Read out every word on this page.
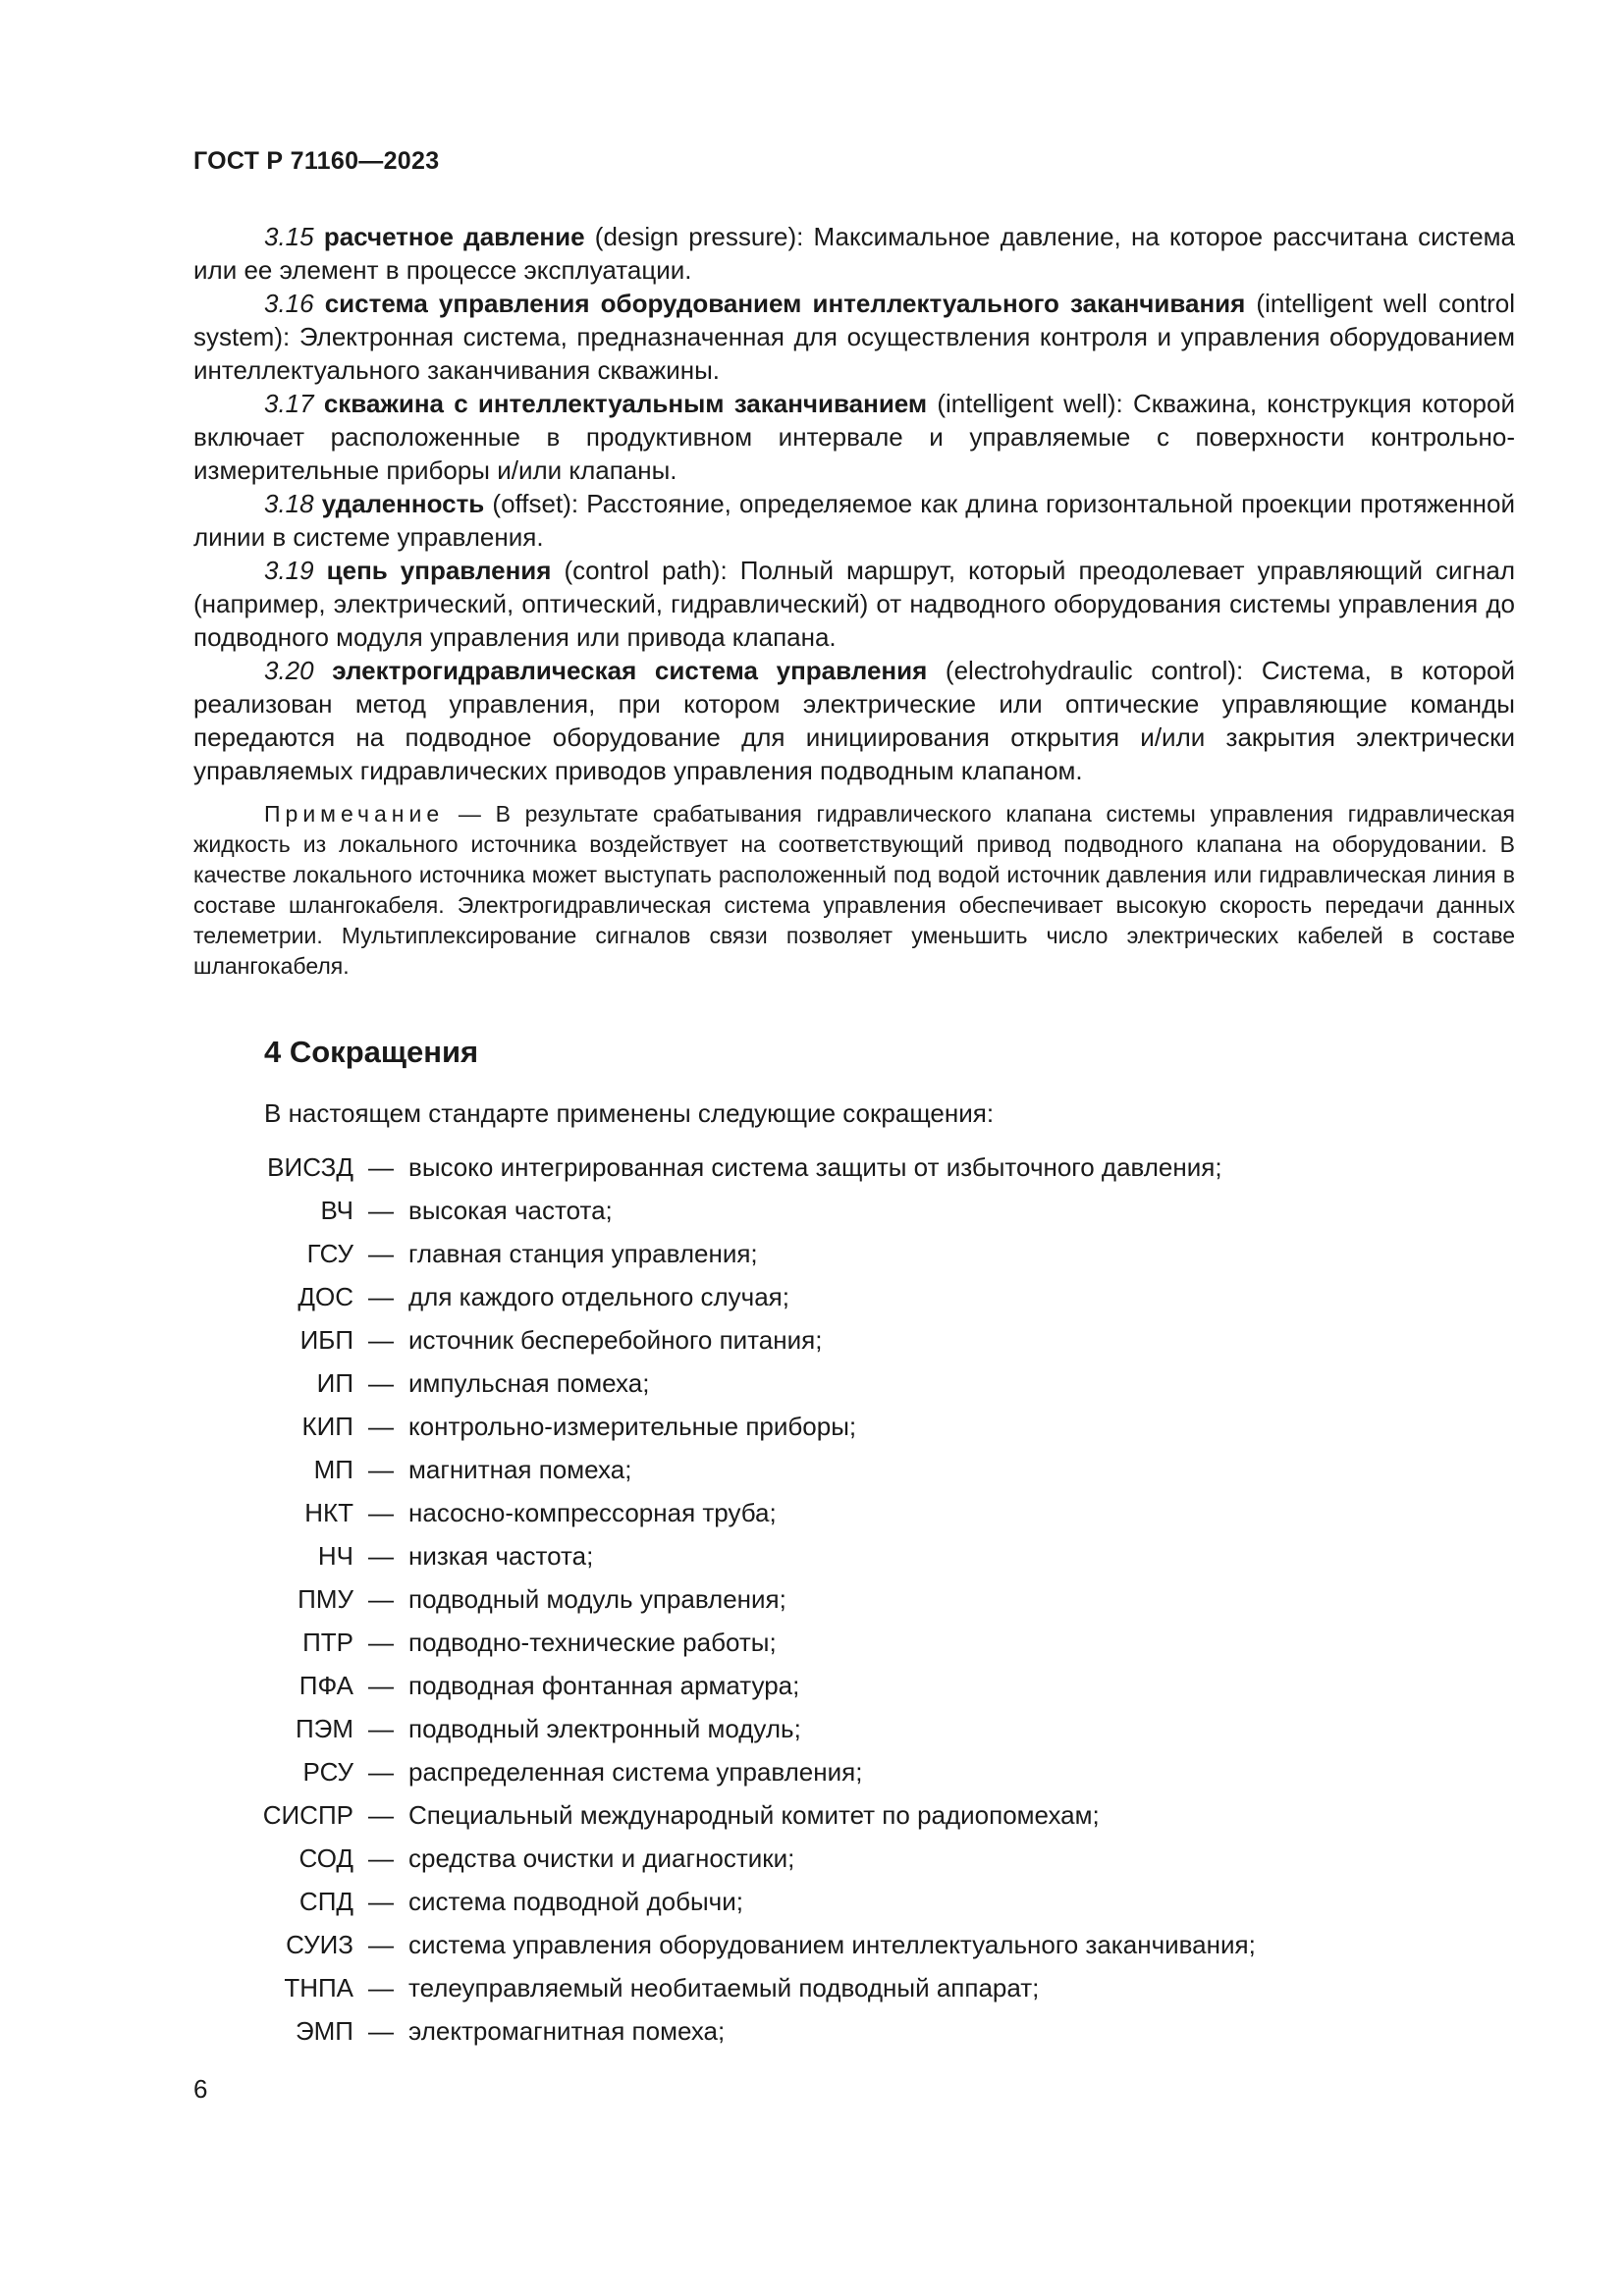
ГОСТ Р 71160—2023

3.15 расчетное давление (design pressure): Максимальное давление, на которое рассчитана система или ее элемент в процессе эксплуатации.

3.16 система управления оборудованием интеллектуального заканчивания (intelligent well control system): Электронная система, предназначенная для осуществления контроля и управления оборудованием интеллектуального заканчивания скважины.

3.17 скважина с интеллектуальным заканчиванием (intelligent well): Скважина, конструкция которой включает расположенные в продуктивном интервале и управляемые с поверхности контрольно-измерительные приборы и/или клапаны.

3.18 удаленность (offset): Расстояние, определяемое как длина горизонтальной проекции протяженной линии в системе управления.

3.19 цепь управления (control path): Полный маршрут, который преодолевает управляющий сигнал (например, электрический, оптический, гидравлический) от надводного оборудования системы управления до подводного модуля управления или привода клапана.

3.20 электрогидравлическая система управления (electrohydraulic control): Система, в которой реализован метод управления, при котором электрические или оптические управляющие команды передаются на подводное оборудование для инициирования открытия и/или закрытия электрически управляемых гидравлических приводов управления подводным клапаном.

Примечание — В результате срабатывания гидравлического клапана системы управления гидравлическая жидкость из локального источника воздействует на соответствующий привод подводного клапана на оборудовании. В качестве локального источника может выступать расположенный под водой источник давления или гидравлическая линия в составе шлангокабеля. Электрогидравлическая система управления обеспечивает высокую скорость передачи данных телеметрии. Мультиплексирование сигналов связи позволяет уменьшить число электрических кабелей в составе шлангокабеля.

4 Сокращения
В настоящем стандарте применены следующие сокращения:
ВИСЗД — высоко интегрированная система защиты от избыточного давления;
ВЧ — высокая частота;
ГСУ — главная станция управления;
ДОС — для каждого отдельного случая;
ИБП — источник бесперебойного питания;
ИП — импульсная помеха;
КИП — контрольно-измерительные приборы;
МП — магнитная помеха;
НКТ — насосно-компрессорная труба;
НЧ — низкая частота;
ПМУ — подводный модуль управления;
ПТР — подводно-технические работы;
ПФА — подводная фонтанная арматура;
ПЭМ — подводный электронный модуль;
РСУ — распределенная система управления;
СИСПР — Специальный международный комитет по радиопомехам;
СОД — средства очистки и диагностики;
СПД — система подводной добычи;
СУИЗ — система управления оборудованием интеллектуального заканчивания;
ТНПА — телеуправляемый необитаемый подводный аппарат;
ЭМП — электромагнитная помеха;
6
